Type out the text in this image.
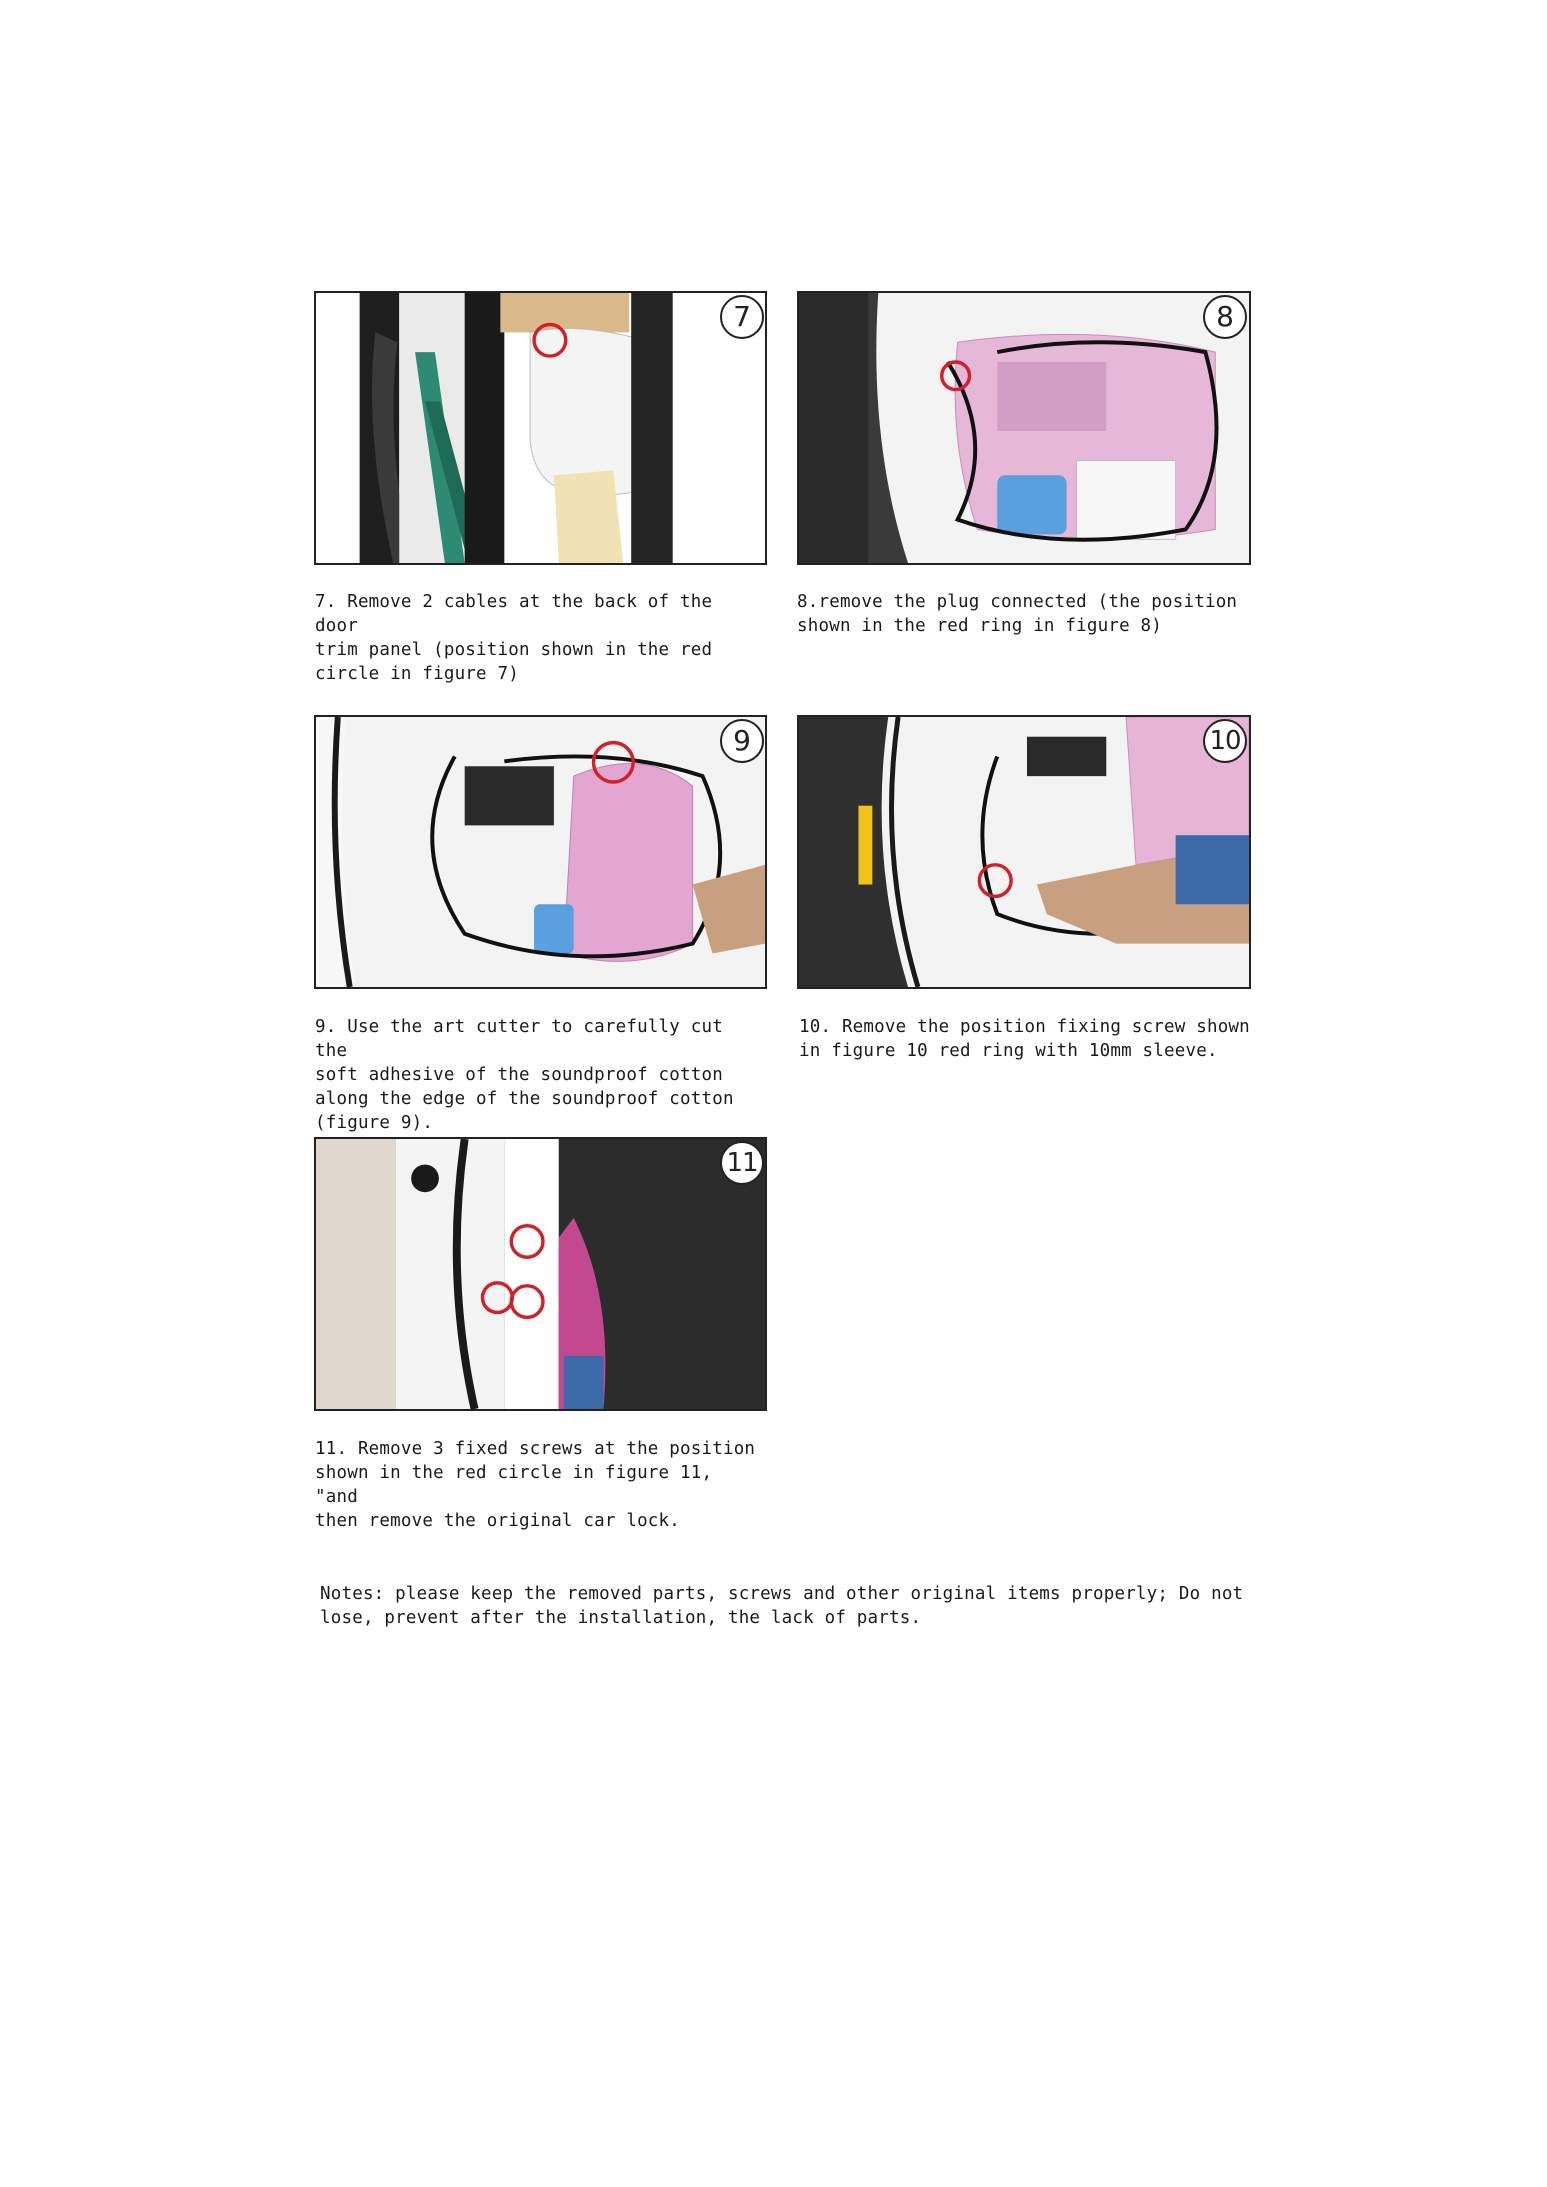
7	8
7. Remove 2 cables at the back of the door
trim panel (position shown in the red
circle in figure 7)
8.remove the plug connected (the position
shown in the red ring in figure 8)
9	10
9. Use the art cutter to carefully cut the
soft adhesive of the soundproof cotton
along the edge of the soundproof cotton
(figure 9).
10. Remove the position fixing screw shown
in figure 10 red ring with 10mm sleeve.
11
11. Remove 3 fixed screws at the position
shown in the red circle in figure 11, "and
then remove the original car lock.
Notes: please keep the removed parts, screws and other original items properly; Do not
lose, prevent after the installation, the lack of parts.
